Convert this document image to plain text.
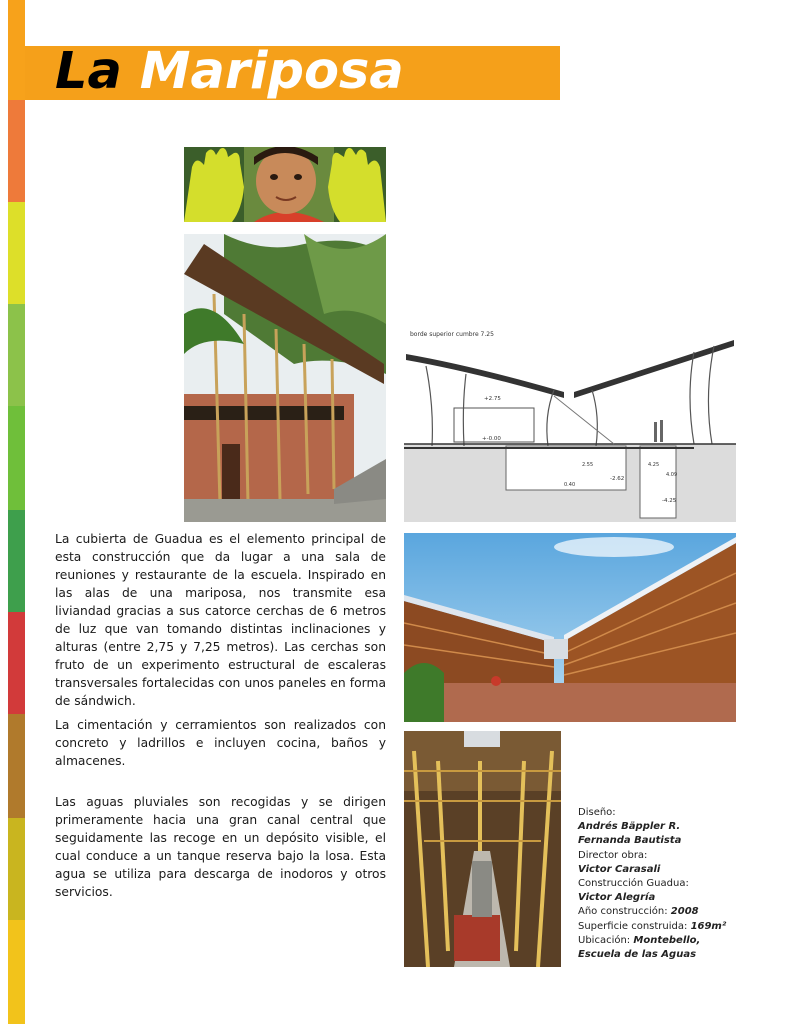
La Mariposa
borde superior cumbre 7.25
+2.75
+-0.00
-2.62
-4.25
2.55	4.25
4.09
0.40

La cubierta de Guadua es el elemento principal de esta construcción que da lugar a una sala de reuniones y restaurante de la escuela. Inspirado en las alas de una mariposa, nos transmite esa liviandad gracias a sus catorce cerchas de 6 metros de luz que van tomando distintas inclinaciones y alturas (entre 2,75 y 7,25 metros). Las cerchas son fruto de un experimento estructural de escaleras transversales fortalecidas con unos paneles en forma de sándwich.

La cimentación y cerramientos son realizados con concreto y ladrillos e incluyen cocina, baños y almacenes.

Las aguas pluviales son recogidas y se dirigen primeramente hacia una gran canal central que seguidamente las recoge en un depósito visible, el cual conduce a un tanque reserva bajo la losa. Esta agua se utiliza para descarga de inodoros y otros servicios.

Diseño:
Andrés Bäppler R.
Fernanda Bautista
Director obra:
Victor Carasali
Construcción Guadua:
Victor Alegría
Año construcción: 2008
Superficie construida: 169m²
Ubicación: Montebello,
Escuela de las Aguas
